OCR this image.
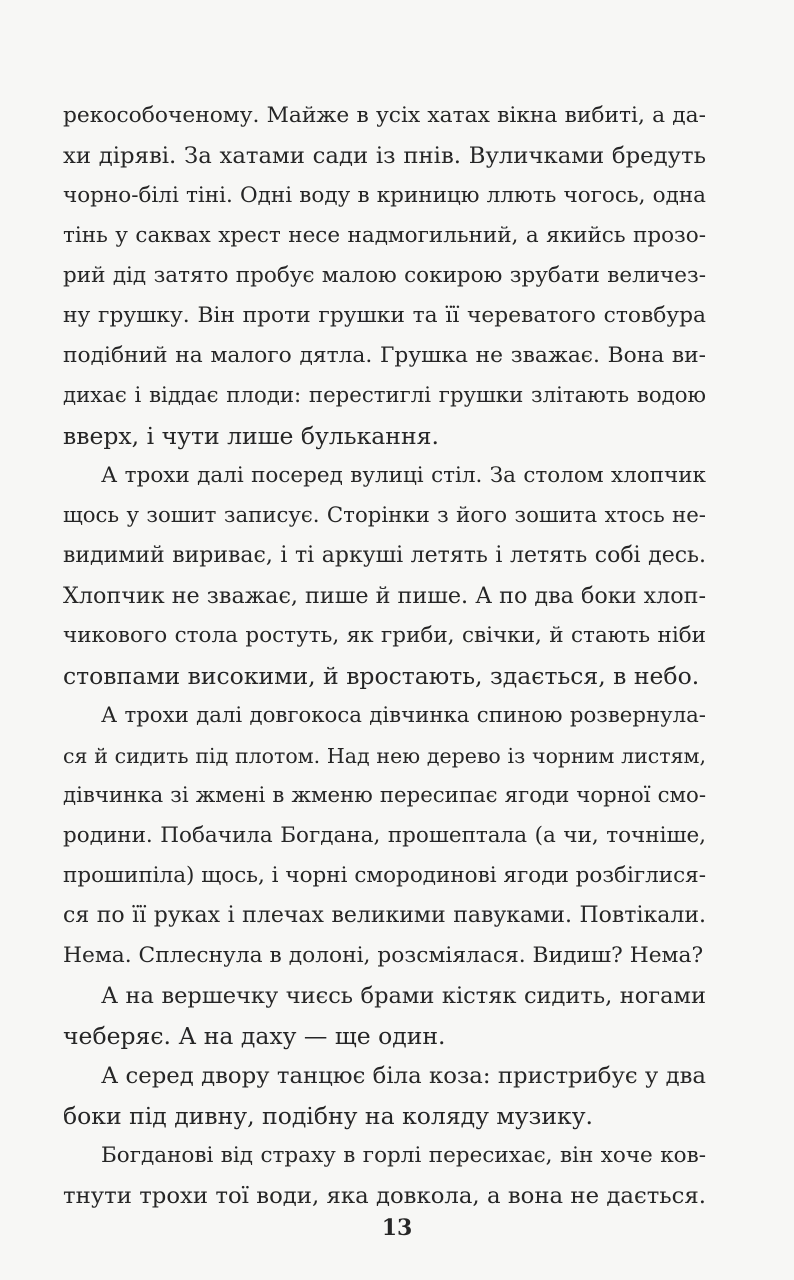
рекособоченому. Майже в усіх хатах вікна вибиті, а да-
хи діряві. За хатами сади із пнів. Вуличками бредуть
чорно-білі тіні. Одні воду в криницю ллють чогось, одна
тінь у саквах хрест несе надмогильний, а якийсь прозо-
рий дід затято пробує малою сокирою зрубати величез-
ну грушку. Він проти грушки та її череватого стовбура
подібний на малого дятла. Грушка не зважає. Вона ви-
дихає і віддає плоди: перестиглі грушки злітають водою
вверх, і чути лише булькання.
А трохи далі посеред вулиці стіл. За столом хлопчик
щось у зошит записує. Сторінки з його зошита хтось не-
видимий вириває, і ті аркуші летять і летять собі десь.
Хлопчик не зважає, пише й пише. А по два боки хлоп-
чикового стола ростуть, як гриби, свічки, й стають ніби
стовпами високими, й вростають, здається, в небо.
А трохи далі довгокоса дівчинка спиною розвернула-
ся й сидить під плотом. Над нею дерево із чорним листям,
дівчинка зі жмені в жменю пересипає ягоди чорної смо-
родини. Побачила Богдана, прошептала (а чи, точніше,
прошипіла) щось, і чорні смородинові ягоди розбіглися-
ся по її руках і плечах великими павуками. Повтікали.
Нема. Сплеснула в долоні, розсміялася. Видиш? Нема?
А на вершечку чиєсь брами кістяк сидить, ногами
чеберяє. А на даху — ще один.
А серед двору танцює біла коза: пристрибує у два
боки під дивну, подібну на коляду музику.
Богданові від страху в горлі пересихає, він хоче ков-
тнути трохи тої води, яка довкола, а вона не дається.
13
